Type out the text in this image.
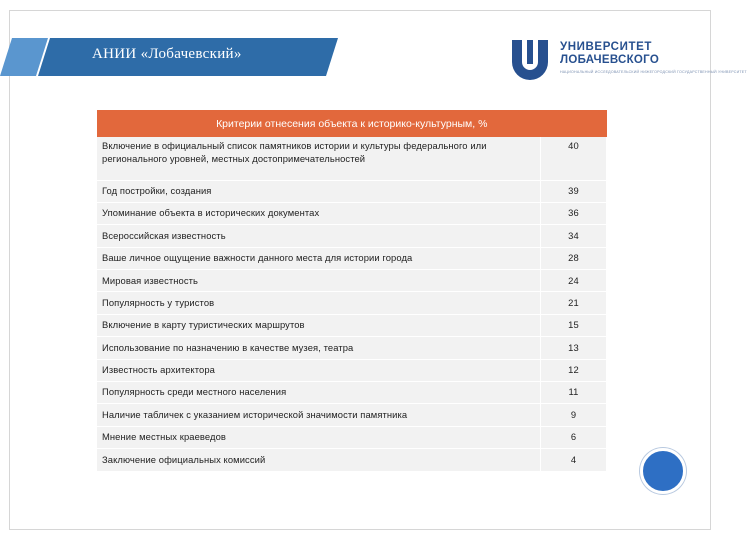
АНИИ «Лобачевский»	УНИВЕРСИТЕТ
ЛОБАЧЕВСКОГО
НАЦИОНАЛЬНЫЙ ИССЛЕДОВАТЕЛЬСКИЙ НИЖЕГОРОДСКИЙ ГОСУДАРСТВЕННЫЙ УНИВЕРСИТЕТ
Критерии отнесения объекта к историко-культурным, %	

Включение в официальный список памятников истории и культуры федерального или регионального уровней, местных достопримечательностей	40
Год постройки, создания	39
Упоминание объекта в исторических документах	36
Всероссийская известность	34
Ваше личное ощущение важности данного места для истории города	28
Мировая известность	24
Популярность у туристов	21
Включение в карту туристических маршрутов	15
Использование по назначению в качестве музея, театра	13
Известность архитектора	12
Популярность среди местного населения	11
Наличие табличек с указанием исторической значимости памятника	9
Мнение местных краеведов	6
Заключение официальных комиссий	4
